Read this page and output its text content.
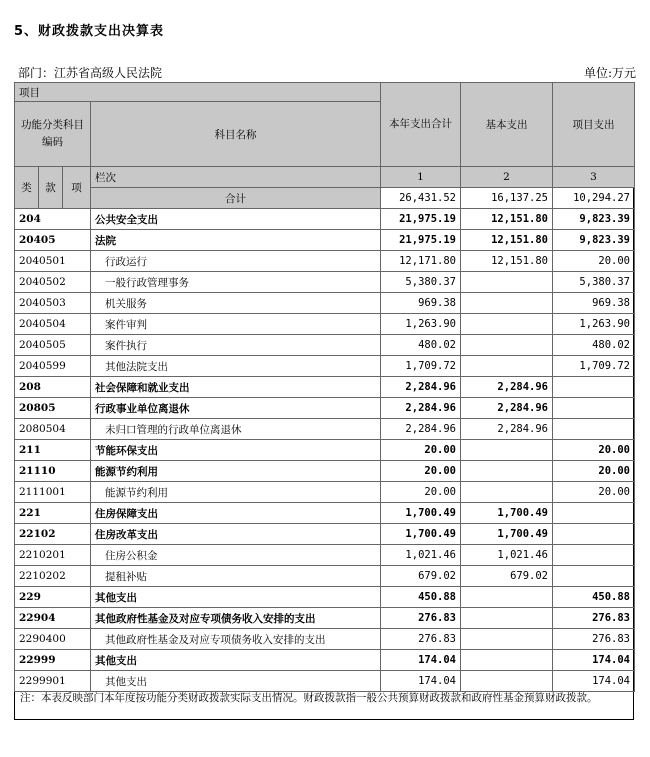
5、财政拨款支出决算表
部门：江苏省高级人民法院	单位:万元
项目				本年支出合计	基本支出	项目支出
功能分类科目编码			科目名称			

类	款	项	栏次	1	2	3
			合计	26,431.52	16,137.25	10,294.27
204			公共安全支出	21,975.19	12,151.80	9,823.39
20405			法院	21,975.19	12,151.80	9,823.39
2040501			行政运行	12,171.80	12,151.80	20.00
2040502			一般行政管理事务	5,380.37		5,380.37
2040503			机关服务	969.38		969.38
2040504			案件审判	1,263.90		1,263.90
2040505			案件执行	480.02		480.02
2040599			其他法院支出	1,709.72		1,709.72
208			社会保障和就业支出	2,284.96	2,284.96	
20805			行政事业单位离退休	2,284.96	2,284.96	
2080504			未归口管理的行政单位离退休	2,284.96	2,284.96	
211			节能环保支出	20.00		20.00
21110			能源节约利用	20.00		20.00
2111001			能源节约利用	20.00		20.00
221			住房保障支出	1,700.49	1,700.49	
22102			住房改革支出	1,700.49	1,700.49	
2210201			住房公积金	1,021.46	1,021.46	
2210202			提租补贴	679.02	679.02	
229			其他支出	450.88		450.88
22904			其他政府性基金及对应专项债务收入安排的支出	276.83		276.83
2290400			其他政府性基金及对应专项债务收入安排的支出	276.83		276.83
22999			其他支出	174.04		174.04
2299901			其他支出	174.04		174.04

注：本表反映部门本年度按功能分类财政拨款实际支出情况。财政拨款指一般公共预算财政拨款和政府性基金预算财政拨款。
